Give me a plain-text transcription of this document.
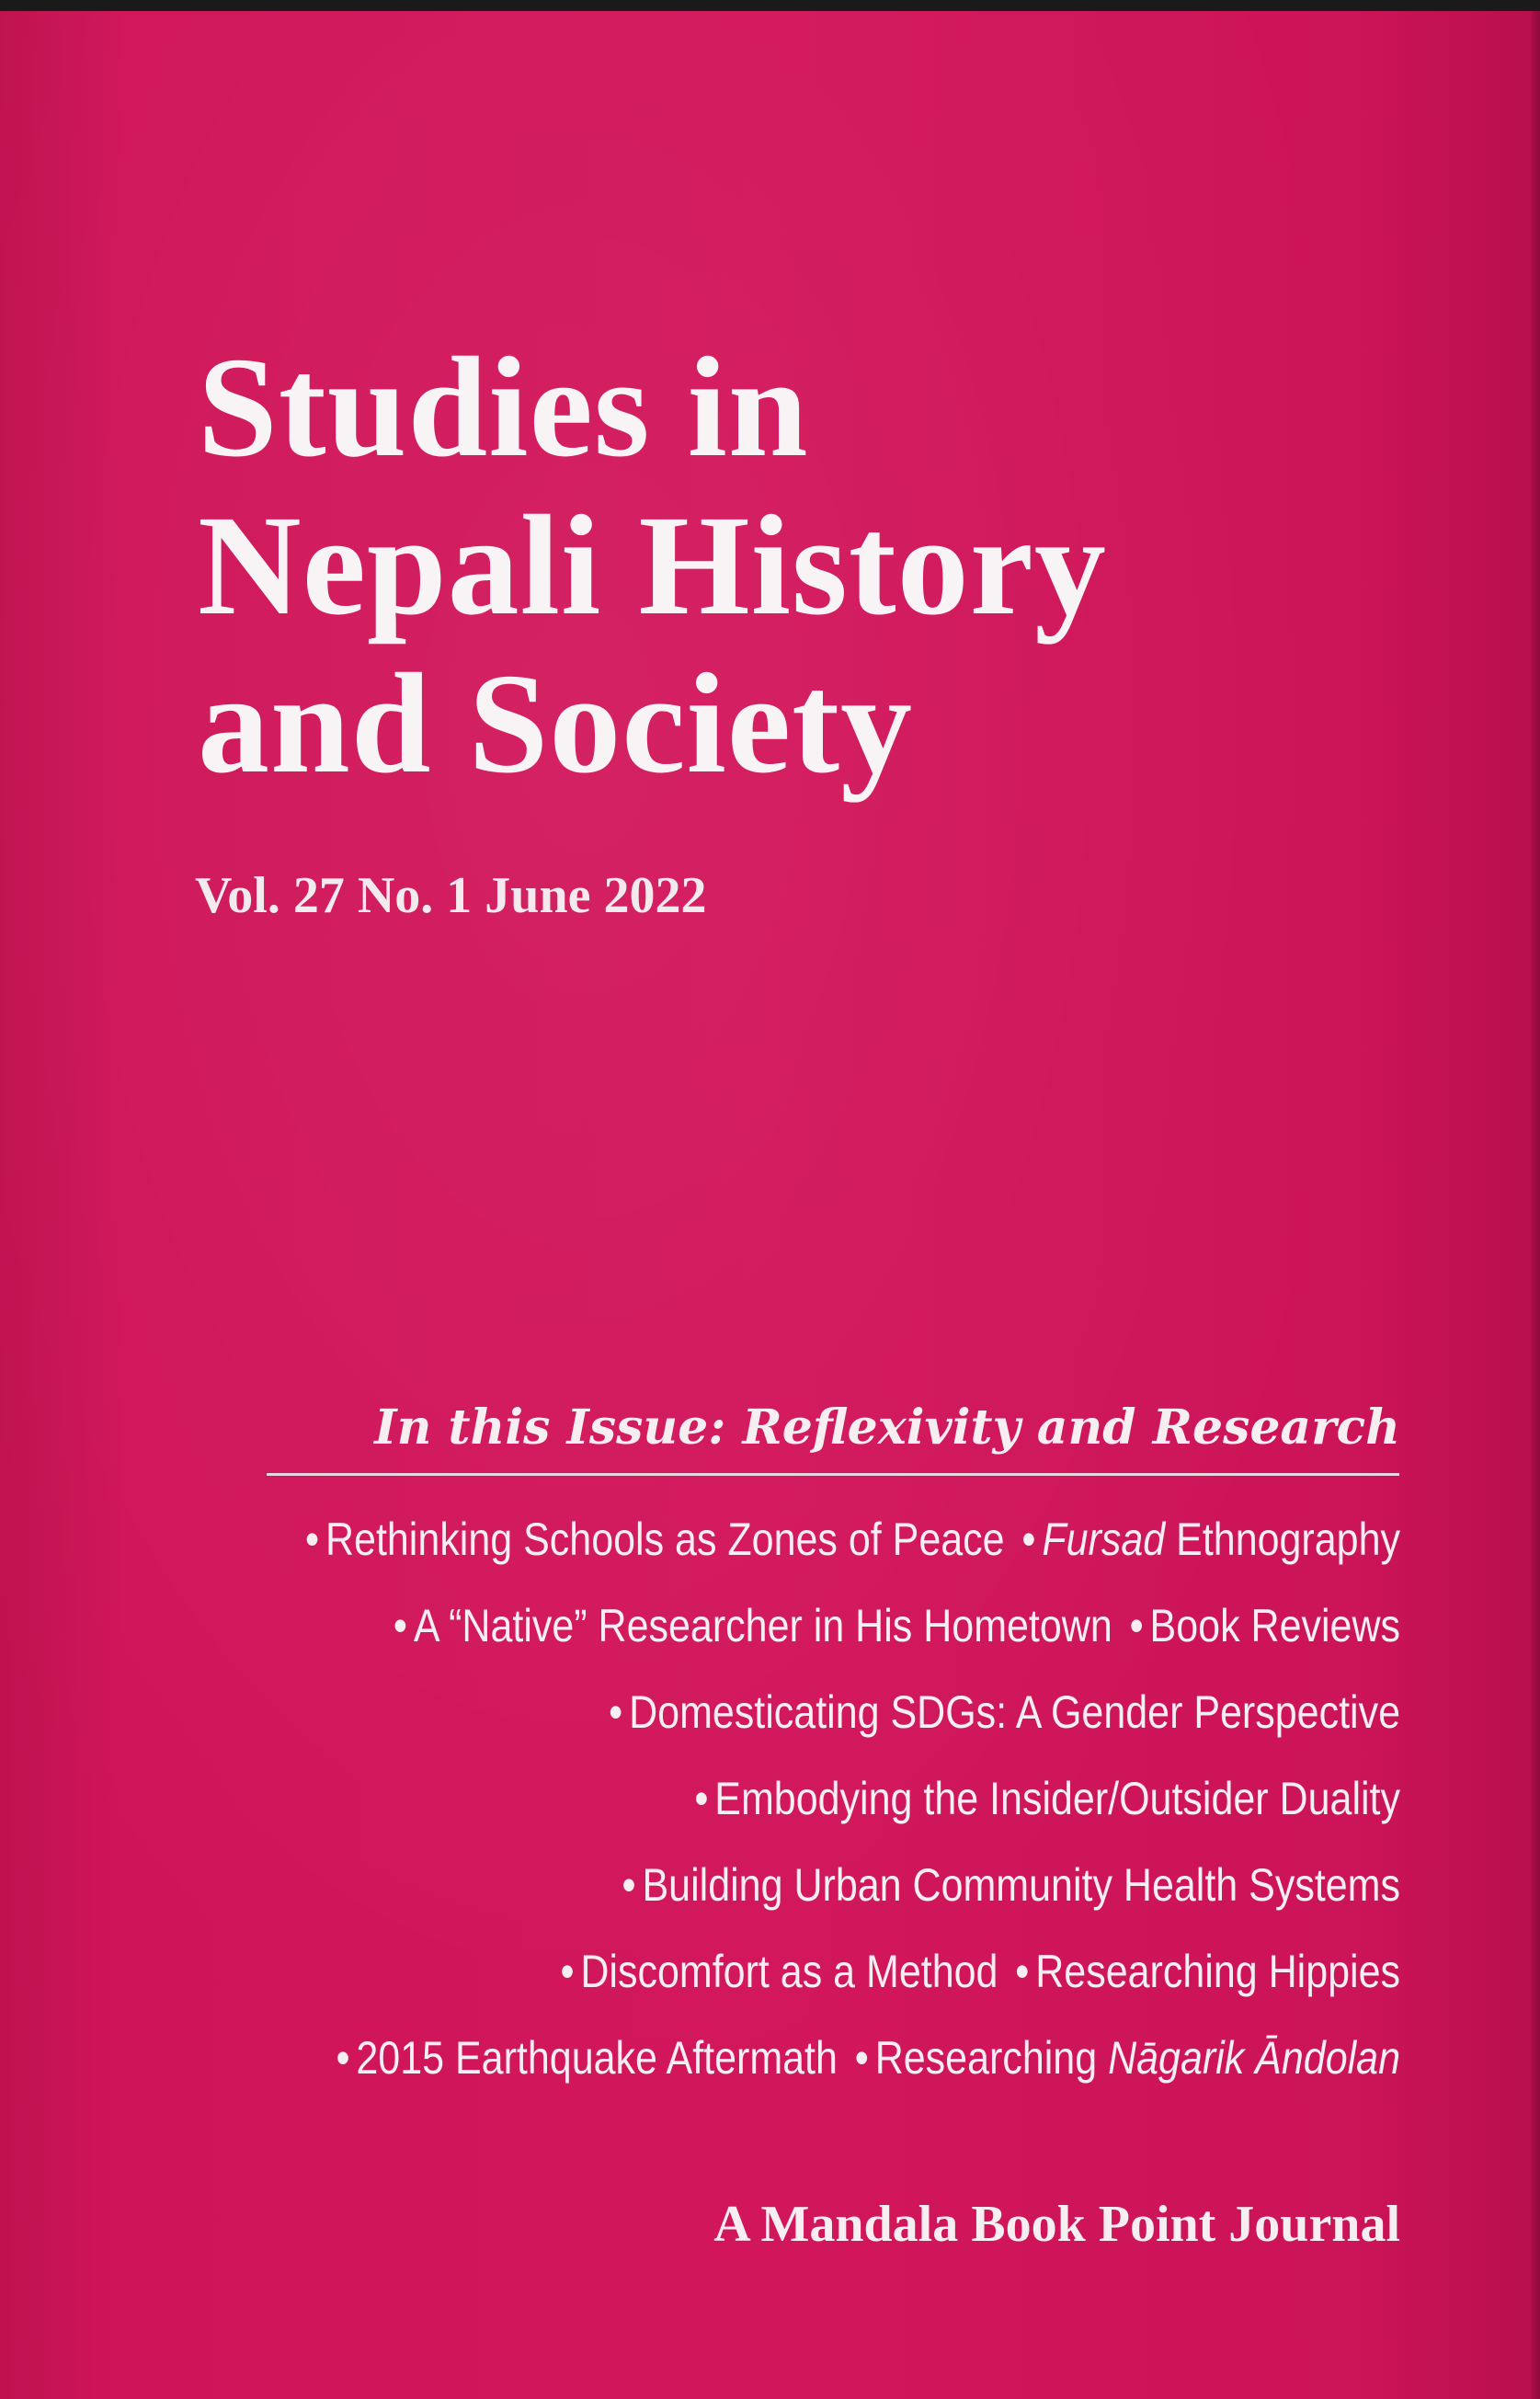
Studies in
Nepali History
and Society
Vol. 27 No. 1 June 2022
In this Issue: Reflexivity and Research
• Rethinking Schools as Zones of Peace • Fursad Ethnography
• A “Native” Researcher in His Hometown • Book Reviews
• Domesticating SDGs: A Gender Perspective
• Embodying the Insider/Outsider Duality
• Building Urban Community Health Systems
• Discomfort as a Method • Researching Hippies
• 2015 Earthquake Aftermath • Researching Nāgarik Āndolan
A Mandala Book Point Journal
